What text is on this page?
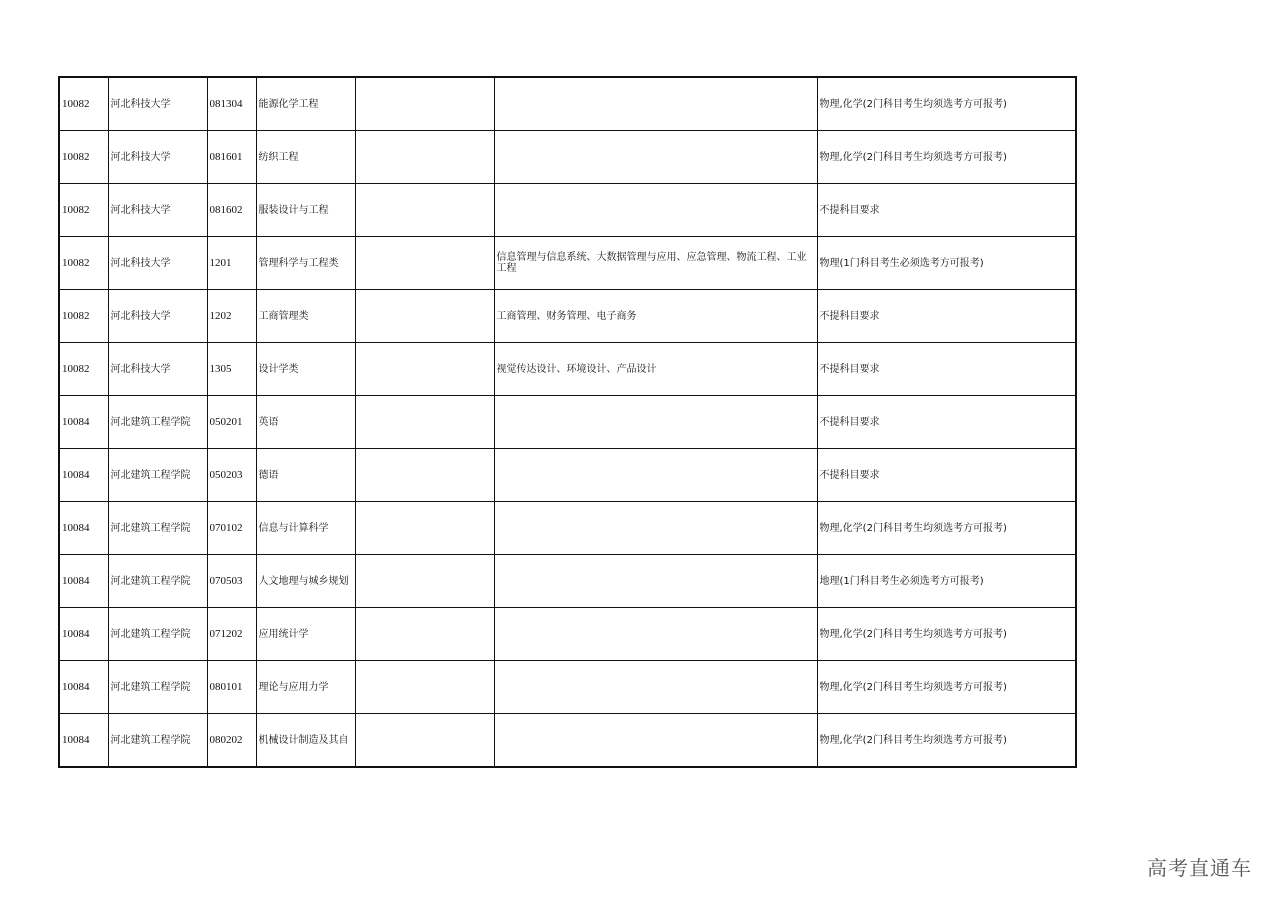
10082	河北科技大学	081304	能源化学工程			物理,化学(2门科目考生均须选考方可报考)
10082	河北科技大学	081601	纺织工程			物理,化学(2门科目考生均须选考方可报考)
10082	河北科技大学	081602	服装设计与工程			不提科目要求
10082	河北科技大学	1201	管理科学与工程类		信息管理与信息系统、大数据管理与应用、应急管理、物流工程、工业工程	物理(1门科目考生必须选考方可报考)
10082	河北科技大学	1202	工商管理类		工商管理、财务管理、电子商务	不提科目要求
10082	河北科技大学	1305	设计学类		视觉传达设计、环境设计、产品设计	不提科目要求
10084	河北建筑工程学院	050201	英语			不提科目要求
10084	河北建筑工程学院	050203	德语			不提科目要求
10084	河北建筑工程学院	070102	信息与计算科学			物理,化学(2门科目考生均须选考方可报考)
10084	河北建筑工程学院	070503	人文地理与城乡规划			地理(1门科目考生必须选考方可报考)
10084	河北建筑工程学院	071202	应用统计学			物理,化学(2门科目考生均须选考方可报考)
10084	河北建筑工程学院	080101	理论与应用力学			物理,化学(2门科目考生均须选考方可报考)
10084	河北建筑工程学院	080202	机械设计制造及其自			物理,化学(2门科目考生均须选考方可报考)
高考直通车
